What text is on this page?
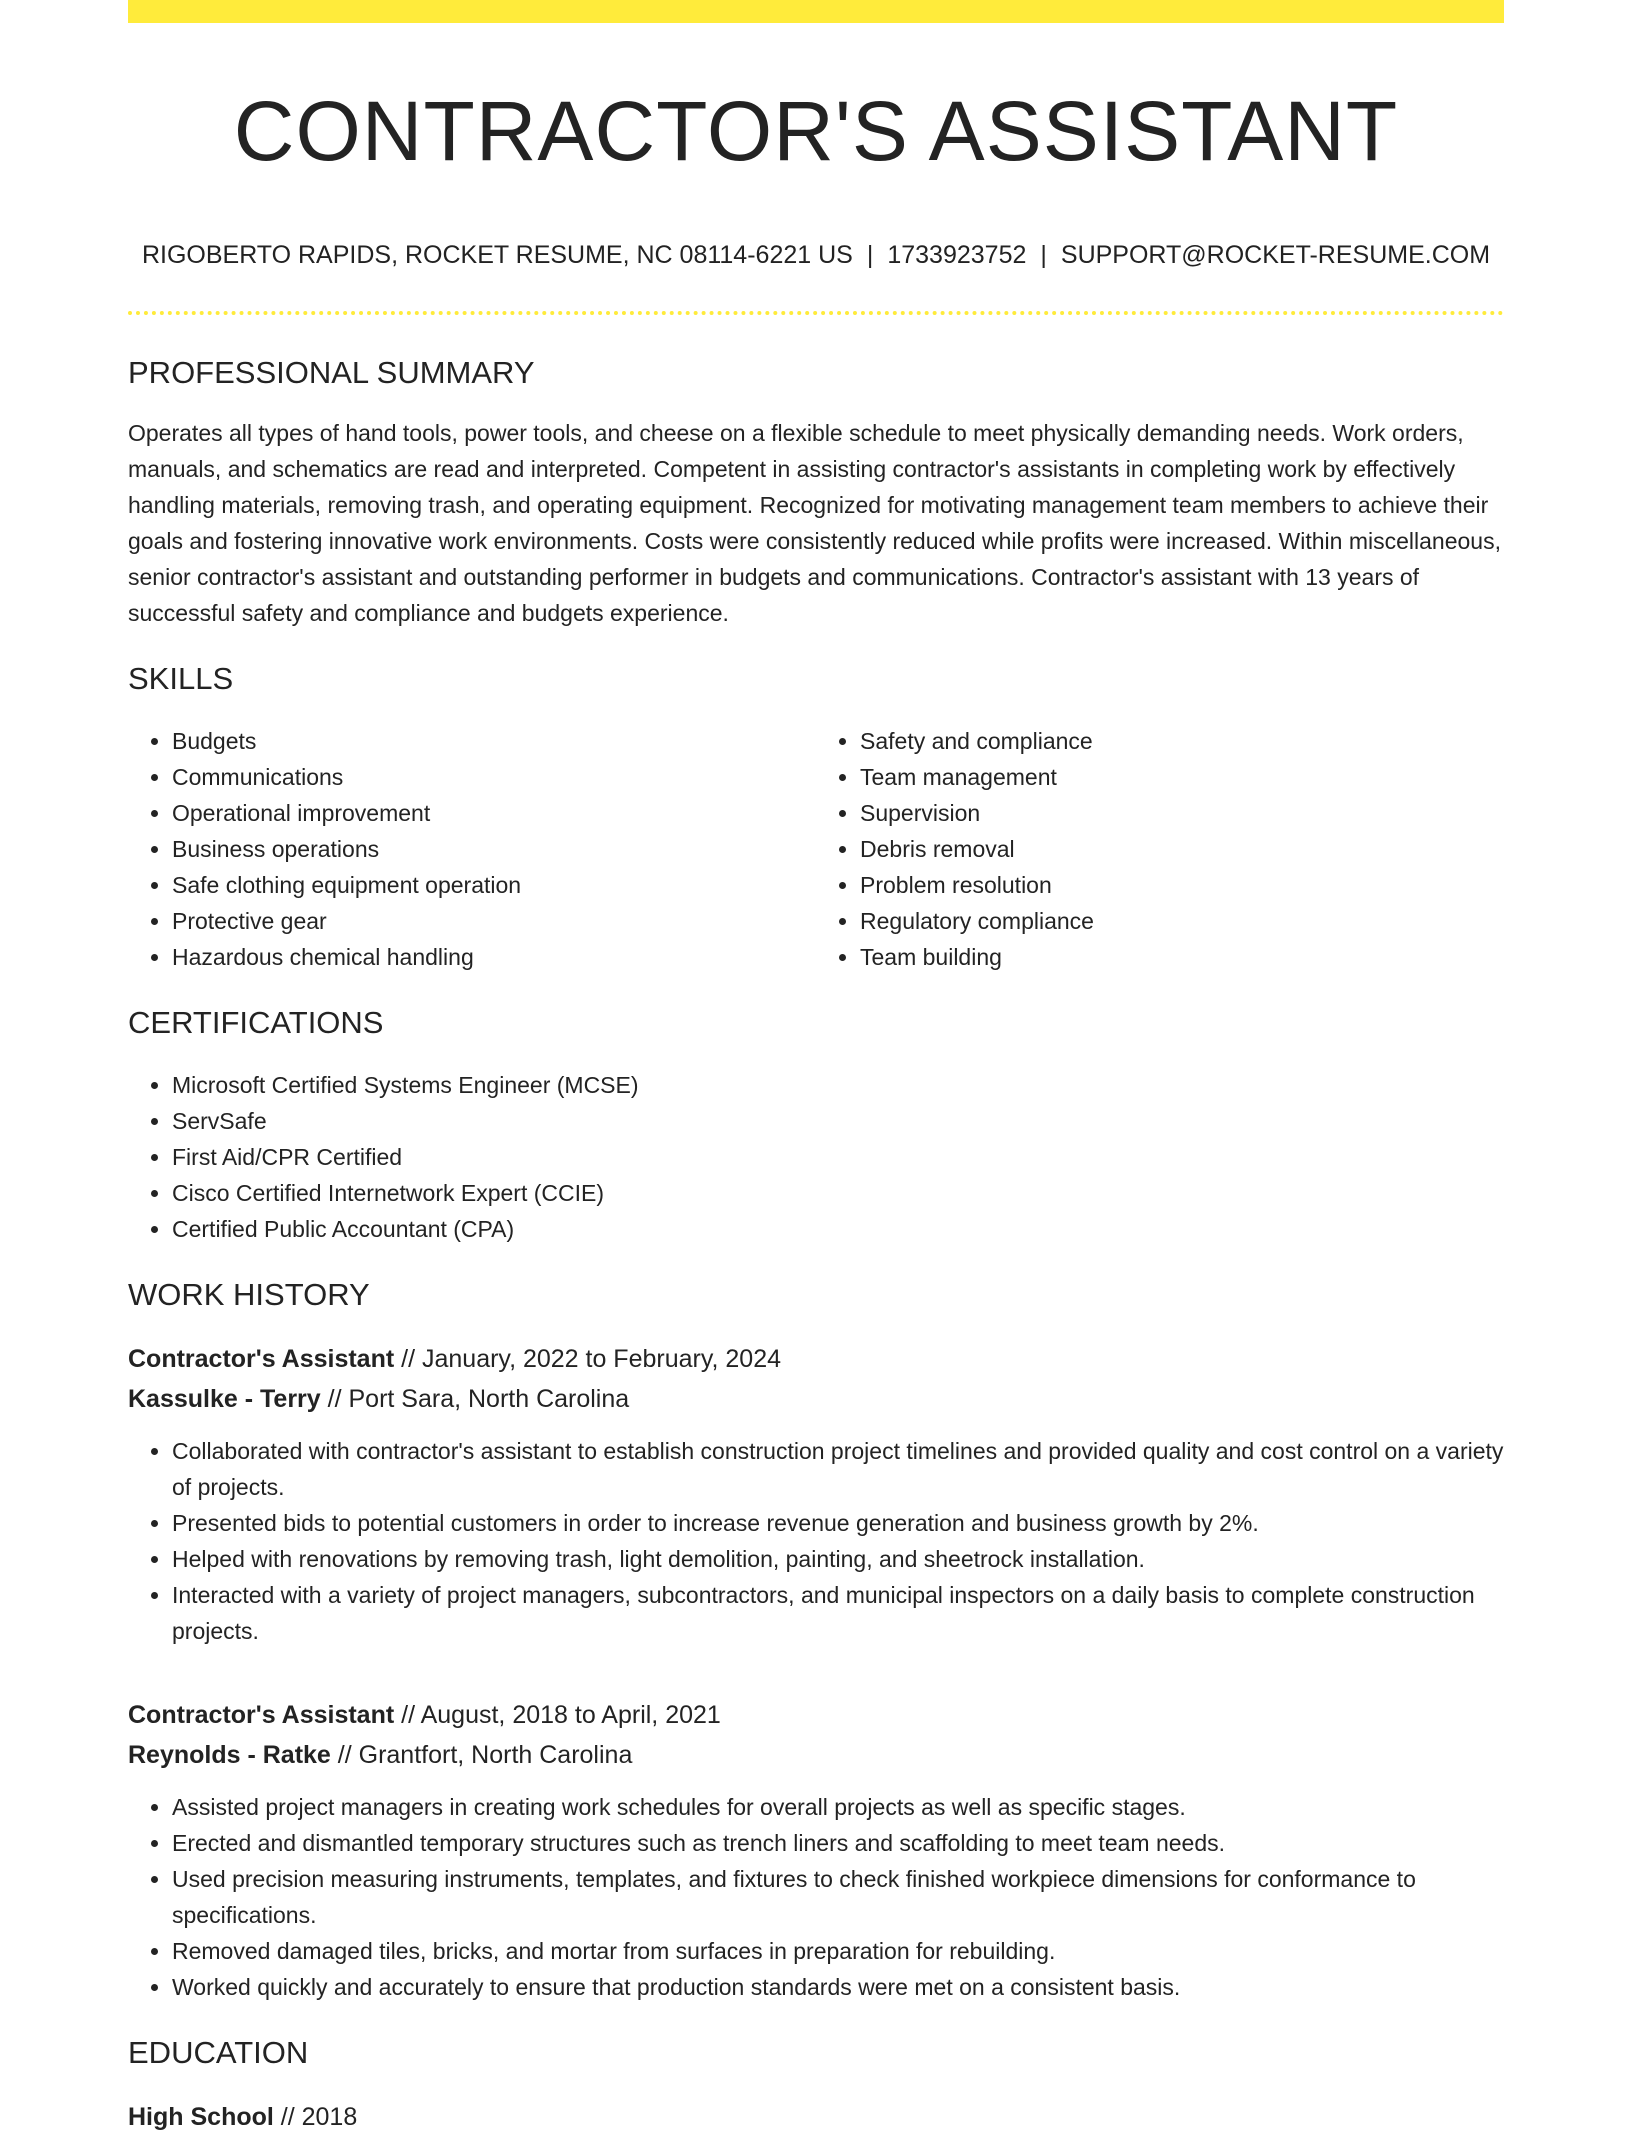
CONTRACTOR'S ASSISTANT
RIGOBERTO RAPIDS, ROCKET RESUME, NC 08114-6221 US | 1733923752 | SUPPORT@ROCKET-RESUME.COM
PROFESSIONAL SUMMARY
Operates all types of hand tools, power tools, and cheese on a flexible schedule to meet physically demanding needs. Work orders, manuals, and schematics are read and interpreted. Competent in assisting contractor's assistants in completing work by effectively handling materials, removing trash, and operating equipment. Recognized for motivating management team members to achieve their goals and fostering innovative work environments. Costs were consistently reduced while profits were increased. Within miscellaneous, senior contractor's assistant and outstanding performer in budgets and communications. Contractor's assistant with 13 years of successful safety and compliance and budgets experience.
SKILLS
• Budgets
• Communications
• Operational improvement
• Business operations
• Safe clothing equipment operation
• Protective gear
• Hazardous chemical handling
• Safety and compliance
• Team management
• Supervision
• Debris removal
• Problem resolution
• Regulatory compliance
• Team building
CERTIFICATIONS
• Microsoft Certified Systems Engineer (MCSE)
• ServSafe
• First Aid/CPR Certified
• Cisco Certified Internetwork Expert (CCIE)
• Certified Public Accountant (CPA)
WORK HISTORY
Contractor's Assistant // January, 2022 to February, 2024
Kassulke - Terry // Port Sara, North Carolina
• Collaborated with contractor's assistant to establish construction project timelines and provided quality and cost control on a variety of projects.
• Presented bids to potential customers in order to increase revenue generation and business growth by 2%.
• Helped with renovations by removing trash, light demolition, painting, and sheetrock installation.
• Interacted with a variety of project managers, subcontractors, and municipal inspectors on a daily basis to complete construction projects.
Contractor's Assistant // August, 2018 to April, 2021
Reynolds - Ratke // Grantfort, North Carolina
• Assisted project managers in creating work schedules for overall projects as well as specific stages.
• Erected and dismantled temporary structures such as trench liners and scaffolding to meet team needs.
• Used precision measuring instruments, templates, and fixtures to check finished workpiece dimensions for conformance to specifications.
• Removed damaged tiles, bricks, and mortar from surfaces in preparation for rebuilding.
• Worked quickly and accurately to ensure that production standards were met on a consistent basis.
EDUCATION
High School // 2018
